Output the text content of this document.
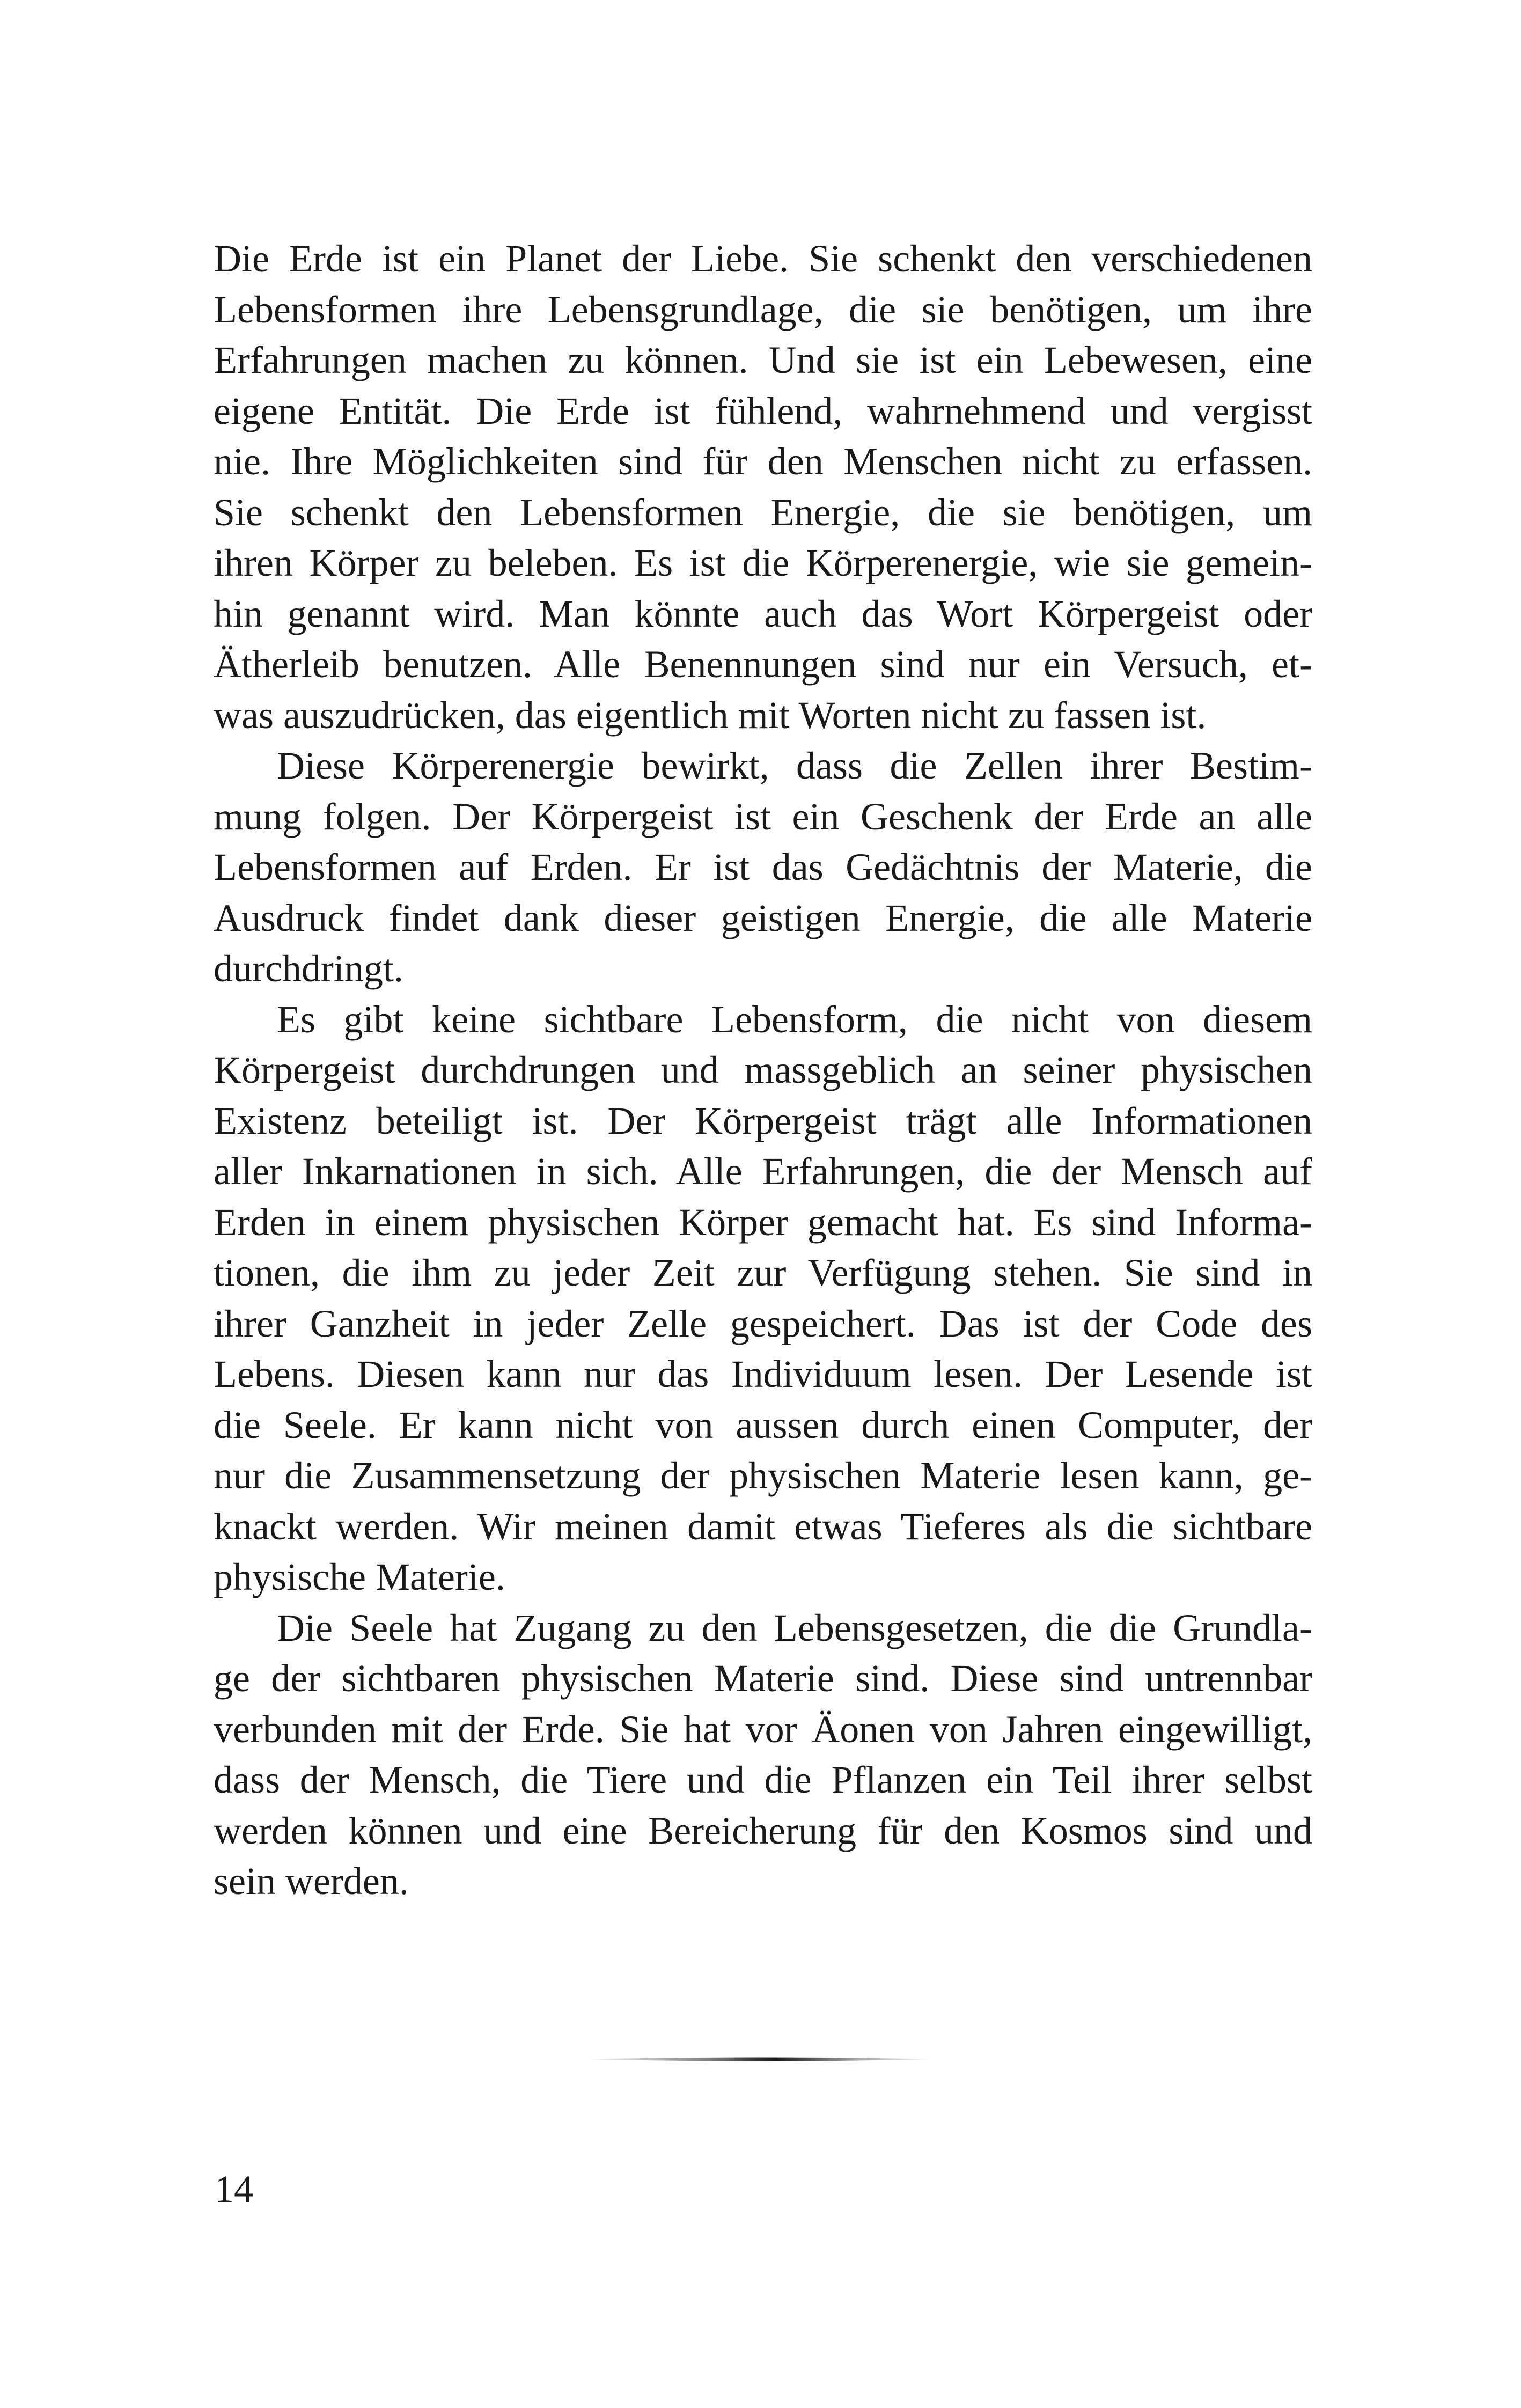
Die Erde ist ein Planet der Liebe. Sie schenkt den verschiedenen
Lebensformen ihre Lebensgrundlage, die sie benötigen, um ihre
Erfahrungen machen zu können. Und sie ist ein Lebewesen, eine
eigene Entität. Die Erde ist fühlend, wahrnehmend und vergisst
nie. Ihre Möglichkeiten sind für den Menschen nicht zu erfassen.
Sie schenkt den Lebensformen Energie, die sie benötigen, um
ihren Körper zu beleben. Es ist die Körperenergie, wie sie gemein-
hin genannt wird. Man könnte auch das Wort Körpergeist oder
Ätherleib benutzen. Alle Benennungen sind nur ein Versuch, et-
was auszudrücken, das eigentlich mit Worten nicht zu fassen ist.
Diese Körperenergie bewirkt, dass die Zellen ihrer Bestim-
mung folgen. Der Körpergeist ist ein Geschenk der Erde an alle
Lebensformen auf Erden. Er ist das Gedächtnis der Materie, die
Ausdruck findet dank dieser geistigen Energie, die alle Materie
durchdringt.
Es gibt keine sichtbare Lebensform, die nicht von diesem
Körpergeist durchdrungen und massgeblich an seiner physischen
Existenz beteiligt ist. Der Körpergeist trägt alle Informationen
aller Inkarnationen in sich. Alle Erfahrungen, die der Mensch auf
Erden in einem physischen Körper gemacht hat. Es sind Informa-
tionen, die ihm zu jeder Zeit zur Verfügung stehen. Sie sind in
ihrer Ganzheit in jeder Zelle gespeichert. Das ist der Code des
Lebens. Diesen kann nur das Individuum lesen. Der Lesende ist
die Seele. Er kann nicht von aussen durch einen Computer, der
nur die Zusammensetzung der physischen Materie lesen kann, ge-
knackt werden. Wir meinen damit etwas Tieferes als die sichtbare
physische Materie.
Die Seele hat Zugang zu den Lebensgesetzen, die die Grundla-
ge der sichtbaren physischen Materie sind. Diese sind untrennbar
verbunden mit der Erde. Sie hat vor Äonen von Jahren eingewilligt,
dass der Mensch, die Tiere und die Pflanzen ein Teil ihrer selbst
werden können und eine Bereicherung für den Kosmos sind und
sein werden.
14
